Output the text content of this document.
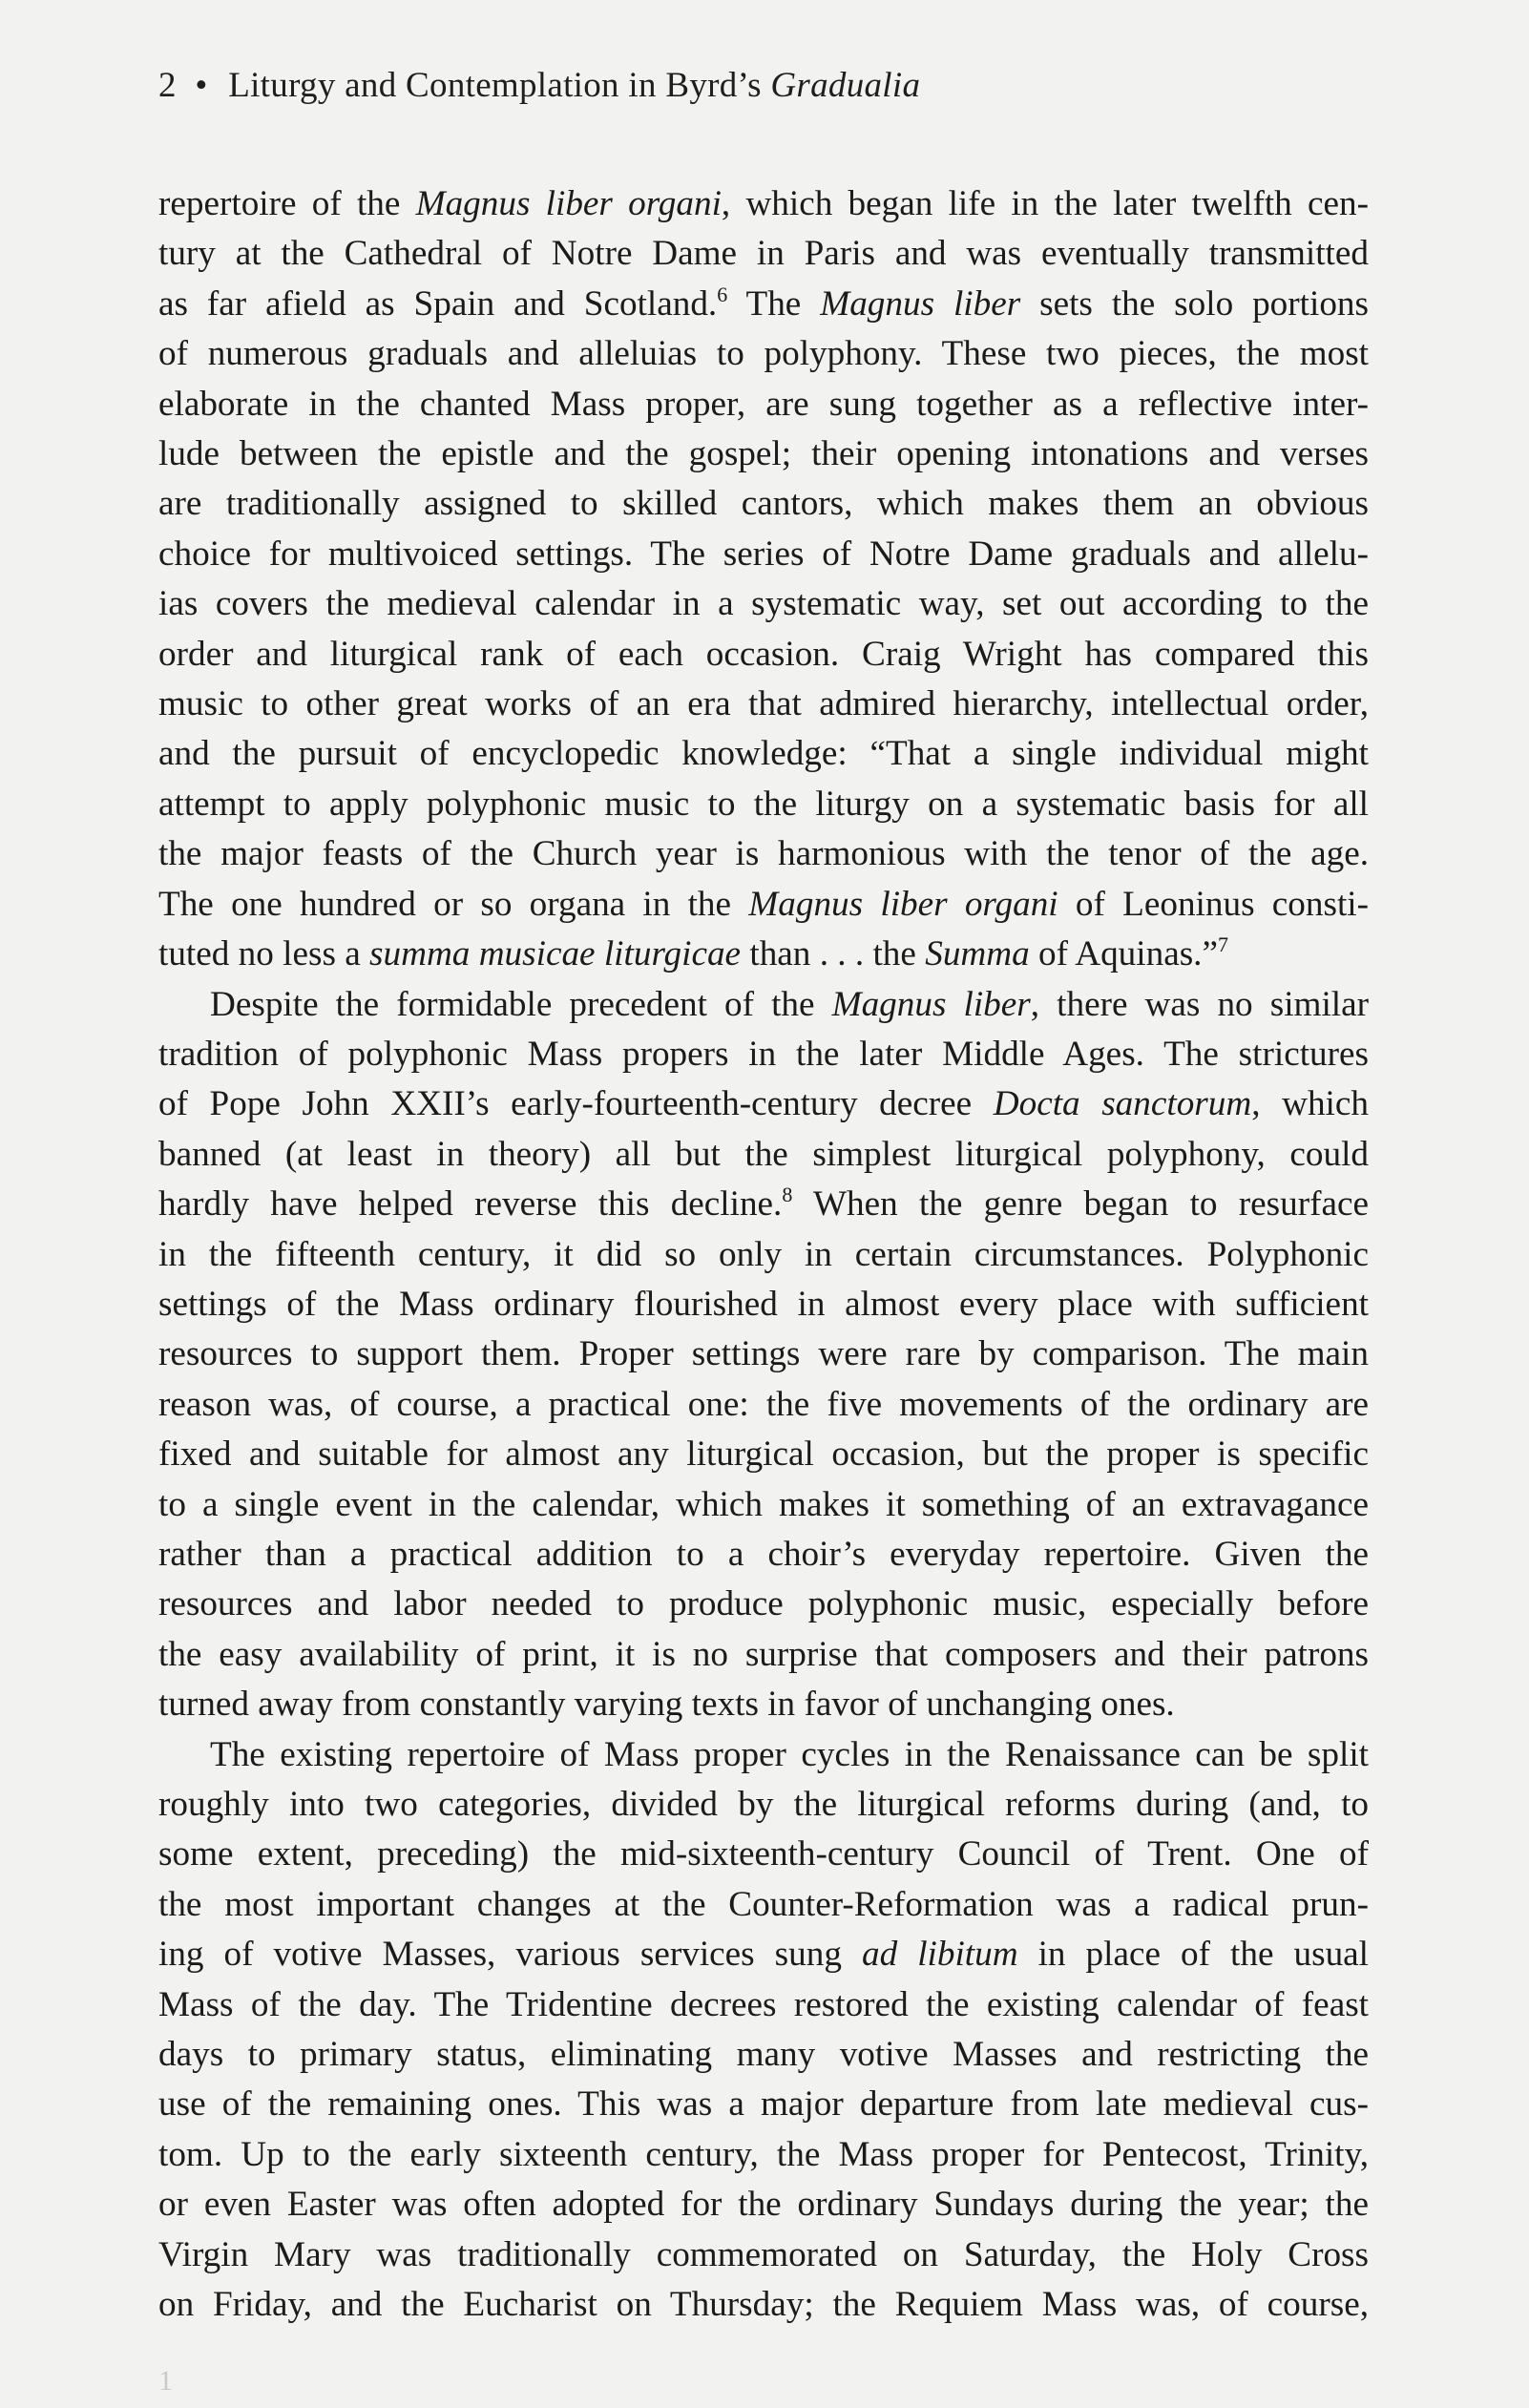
2 • Liturgy and Contemplation in Byrd’s Gradualia

repertoire of the Magnus liber organi, which began life in the later twelfth cen-
tury at the Cathedral of Notre Dame in Paris and was eventually transmitted
as far afield as Spain and Scotland.$^6$ The Magnus liber sets the solo portions
of numerous graduals and alleluias to polyphony. These two pieces, the most
elaborate in the chanted Mass proper, are sung together as a reflective inter-
lude between the epistle and the gospel; their opening intonations and verses
are traditionally assigned to skilled cantors, which makes them an obvious
choice for multivoiced settings. The series of Notre Dame graduals and allelu-
ias covers the medieval calendar in a systematic way, set out according to the
order and liturgical rank of each occasion. Craig Wright has compared this
music to other great works of an era that admired hierarchy, intellectual order,
and the pursuit of encyclopedic knowledge: “That a single individual might
attempt to apply polyphonic music to the liturgy on a systematic basis for all
the major feasts of the Church year is harmonious with the tenor of the age.
The one hundred or so organa in the Magnus liber organi of Leoninus consti-
tuted no less a summa musicae liturgicae than . . . the Summa of Aquinas.”$^7$

Despite the formidable precedent of the Magnus liber, there was no similar
tradition of polyphonic Mass propers in the later Middle Ages. The strictures
of Pope John XXII’s early-fourteenth-century decree Docta sanctorum, which
banned (at least in theory) all but the simplest liturgical polyphony, could
hardly have helped reverse this decline.$^8$ When the genre began to resurface
in the fifteenth century, it did so only in certain circumstances. Polyphonic
settings of the Mass ordinary flourished in almost every place with sufficient
resources to support them. Proper settings were rare by comparison. The main
reason was, of course, a practical one: the five movements of the ordinary are
fixed and suitable for almost any liturgical occasion, but the proper is specific
to a single event in the calendar, which makes it something of an extravagance
rather than a practical addition to a choir’s everyday repertoire. Given the
resources and labor needed to produce polyphonic music, especially before
the easy availability of print, it is no surprise that composers and their patrons
turned away from constantly varying texts in favor of unchanging ones.

The existing repertoire of Mass proper cycles in the Renaissance can be split
roughly into two categories, divided by the liturgical reforms during (and, to
some extent, preceding) the mid-sixteenth-century Council of Trent. One of
the most important changes at the Counter-Reformation was a radical prun-
ing of votive Masses, various services sung ad libitum in place of the usual
Mass of the day. The Tridentine decrees restored the existing calendar of feast
days to primary status, eliminating many votive Masses and restricting the
use of the remaining ones. This was a major departure from late medieval cus-
tom. Up to the early sixteenth century, the Mass proper for Pentecost, Trinity,
or even Easter was often adopted for the ordinary Sundays during the year; the
Virgin Mary was traditionally commemorated on Saturday, the Holy Cross
on Friday, and the Eucharist on Thursday; the Requiem Mass was, of course,

1
